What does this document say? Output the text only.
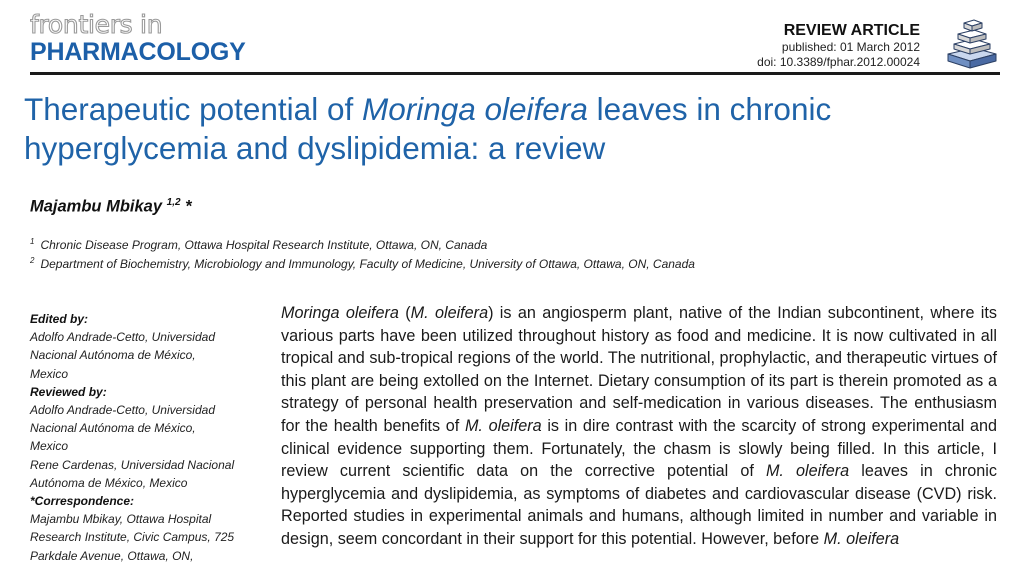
frontiers in
PHARMACOLOGY
REVIEW ARTICLE
published: 01 March 2012
doi: 10.3389/fphar.2012.00024
Therapeutic potential of Moringa oleifera leaves in chronic
hyperglycemia and dyslipidemia: a review
Majambu Mbikay $^{1,2}$ *
$^1$ Chronic Disease Program, Ottawa Hospital Research Institute, Ottawa, ON, Canada
$^2$ Department of Biochemistry, Microbiology and Immunology, Faculty of Medicine, University of Ottawa, Ottawa, ON, Canada
Edited by:
Adolfo Andrade-Cetto, Universidad
Nacional Autónoma de México,
Mexico
Reviewed by:
Adolfo Andrade-Cetto, Universidad
Nacional Autónoma de México,
Mexico
Rene Cardenas, Universidad Nacional
Autónoma de México, Mexico
*Correspondence:
Majambu Mbikay, Ottawa Hospital
Research Institute, Civic Campus, 725
Parkdale Avenue, Ottawa, ON,

Moringa oleifera (M. oleifera) is an angiosperm plant, native of the Indian subcontinent, where its various parts have been utilized throughout history as food and medicine. It is now cultivated in all tropical and sub-tropical regions of the world. The nutritional, prophylactic, and therapeutic virtues of this plant are being extolled on the Internet. Dietary consumption of its part is therein promoted as a strategy of personal health preservation and self-medication in various diseases. The enthusiasm for the health benefits of M. oleifera is in dire contrast with the scarcity of strong experimental and clinical evidence supporting them. Fortunately, the chasm is slowly being filled. In this article, I review current scientific data on the corrective potential of M. oleifera leaves in chronic hyperglycemia and dyslipidemia, as symptoms of diabetes and cardiovascular disease (CVD) risk. Reported studies in experimental animals and humans, although limited in number and variable in design, seem concordant in their support for this potential. However, before M. oleifera
